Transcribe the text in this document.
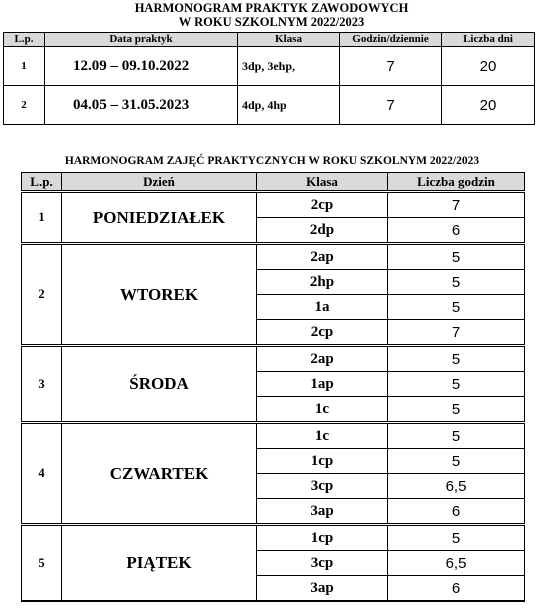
HARMONOGRAM PRAKTYK ZAWODOWYCH
W ROKU SZKOLNYM 2022/2023
L.p.	Data praktyk	Klasa	Godzin/dziennie	Liczba dni
1	12.09 – 09.10.2022	3dp, 3ehp,	7	20
2	04.05 – 31.05.2023	4dp, 4hp	7	20
HARMONOGRAM ZAJĘĆ PRAKTYCZNYCH W ROKU SZKOLNYM 2022/2023
L.p.	Dzień	Klasa	Liczba godzin
1	PONIEDZIAŁEK	2cp	7
		2dp	6
2	WTOREK	2ap	5
		2hp	5
		1a	5
		2cp	7
3	ŚRODA	2ap	5
		1ap	5
		1c	5
4	CZWARTEK	1c	5
		1cp	5
		3cp	6,5
		3ap	6
5	PIĄTEK	1cp	5
		3cp	6,5
		3ap	6
